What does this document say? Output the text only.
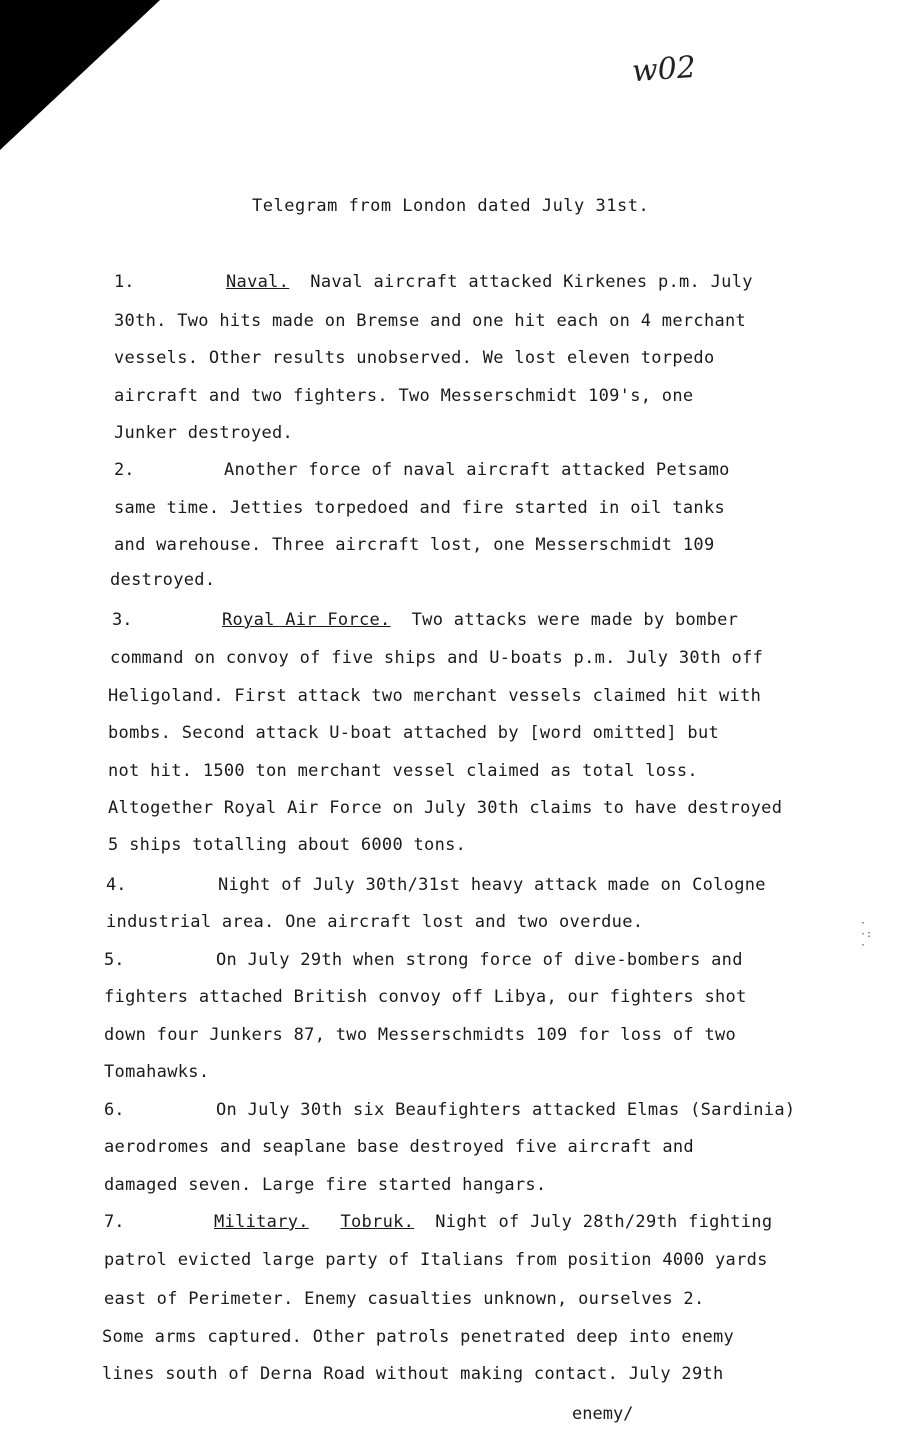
w02
Telegram from London dated July 31st.
1.	Naval. Naval aircraft attacked Kirkenes p.m. July
30th. Two hits made on Bremse and one hit each on 4 merchant
vessels. Other results unobserved. We lost eleven torpedo
aircraft and two fighters. Two Messerschmidt 109's, one
Junker destroyed.
2.	Another force of naval aircraft attacked Petsamo
same time. Jetties torpedoed and fire started in oil tanks
and warehouse. Three aircraft lost, one Messerschmidt 109
destroyed.
3.	Royal Air Force. Two attacks were made by bomber
command on convoy of five ships and U-boats p.m. July 30th off
Heligoland. First attack two merchant vessels claimed hit with
bombs. Second attack U-boat attached by [word omitted] but
not hit. 1500 ton merchant vessel claimed as total loss.
Altogether Royal Air Force on July 30th claims to have destroyed
5 ships totalling about 6000 tons.
4.	Night of July 30th/31st heavy attack made on Cologne
industrial area. One aircraft lost and two overdue.
5.	On July 29th when strong force of dive-bombers and
fighters attached British convoy off Libya, our fighters shot
down four Junkers 87, two Messerschmidts 109 for loss of two
Tomahawks.
6.	On July 30th six Beaufighters attacked Elmas (Sardinia)
aerodromes and seaplane base destroyed five aircraft and
damaged seven. Large fire started hangars.
7.	Military. Tobruk. Night of July 28th/29th fighting
patrol evicted large party of Italians from position 4000 yards
east of Perimeter. Enemy casualties unknown, ourselves 2.
Some arms captured. Other patrols penetrated deep into enemy
lines south of Derna Road without making contact. July 29th
enemy/
·
·:
·
